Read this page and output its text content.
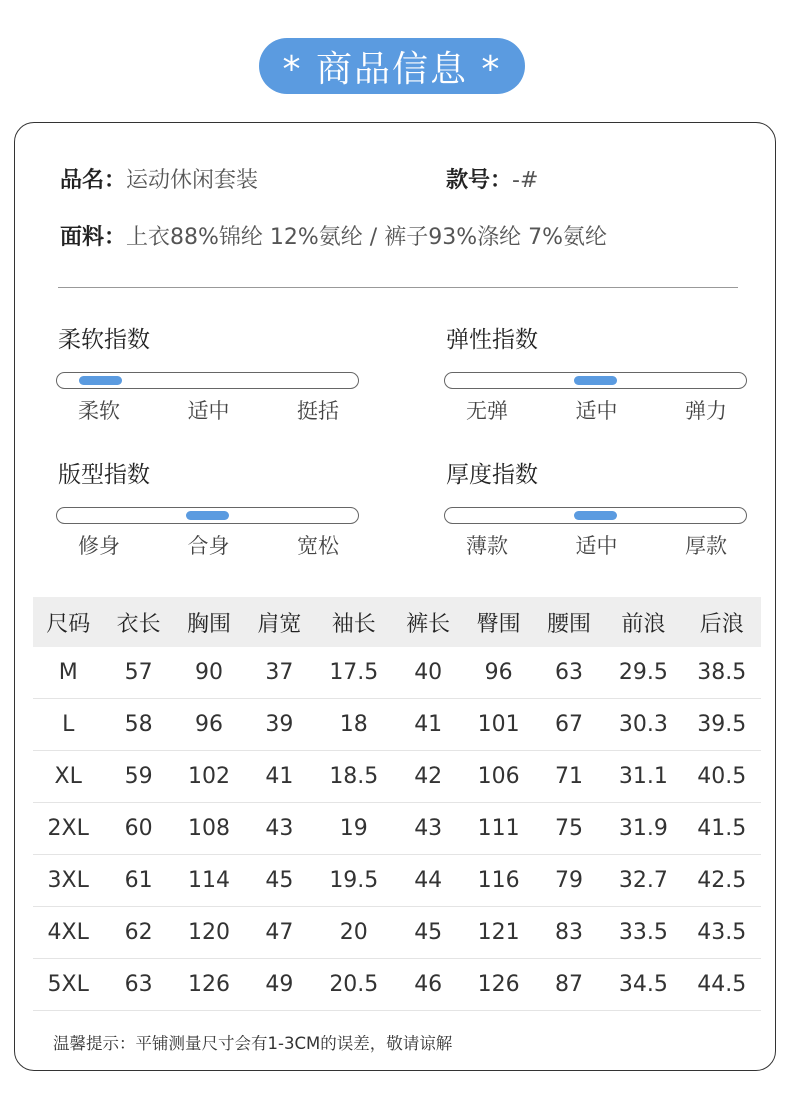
* 商品信息 *
品名：运动休闲套装	款号：-#
面料：上衣88%锦纶 12%氨纶 / 裤子93%涤纶 7%氨纶
柔软指数
柔软	适中	挺括
弹性指数
无弹	适中	弹力
版型指数
修身	合身	宽松
厚度指数
薄款	适中	厚款
尺码	衣长	胸围	肩宽	袖长	裤长	臀围	腰围	前浪	后浪
M	57	90	37	17.5	40	96	63	29.5	38.5
L	58	96	39	18	41	101	67	30.3	39.5
XL	59	102	41	18.5	42	106	71	31.1	40.5
2XL	60	108	43	19	43	111	75	31.9	41.5
3XL	61	114	45	19.5	44	116	79	32.7	42.5
4XL	62	120	47	20	45	121	83	33.5	43.5
5XL	63	126	49	20.5	46	126	87	34.5	44.5
温馨提示：平铺测量尺寸会有1-3CM的误差，敬请谅解
